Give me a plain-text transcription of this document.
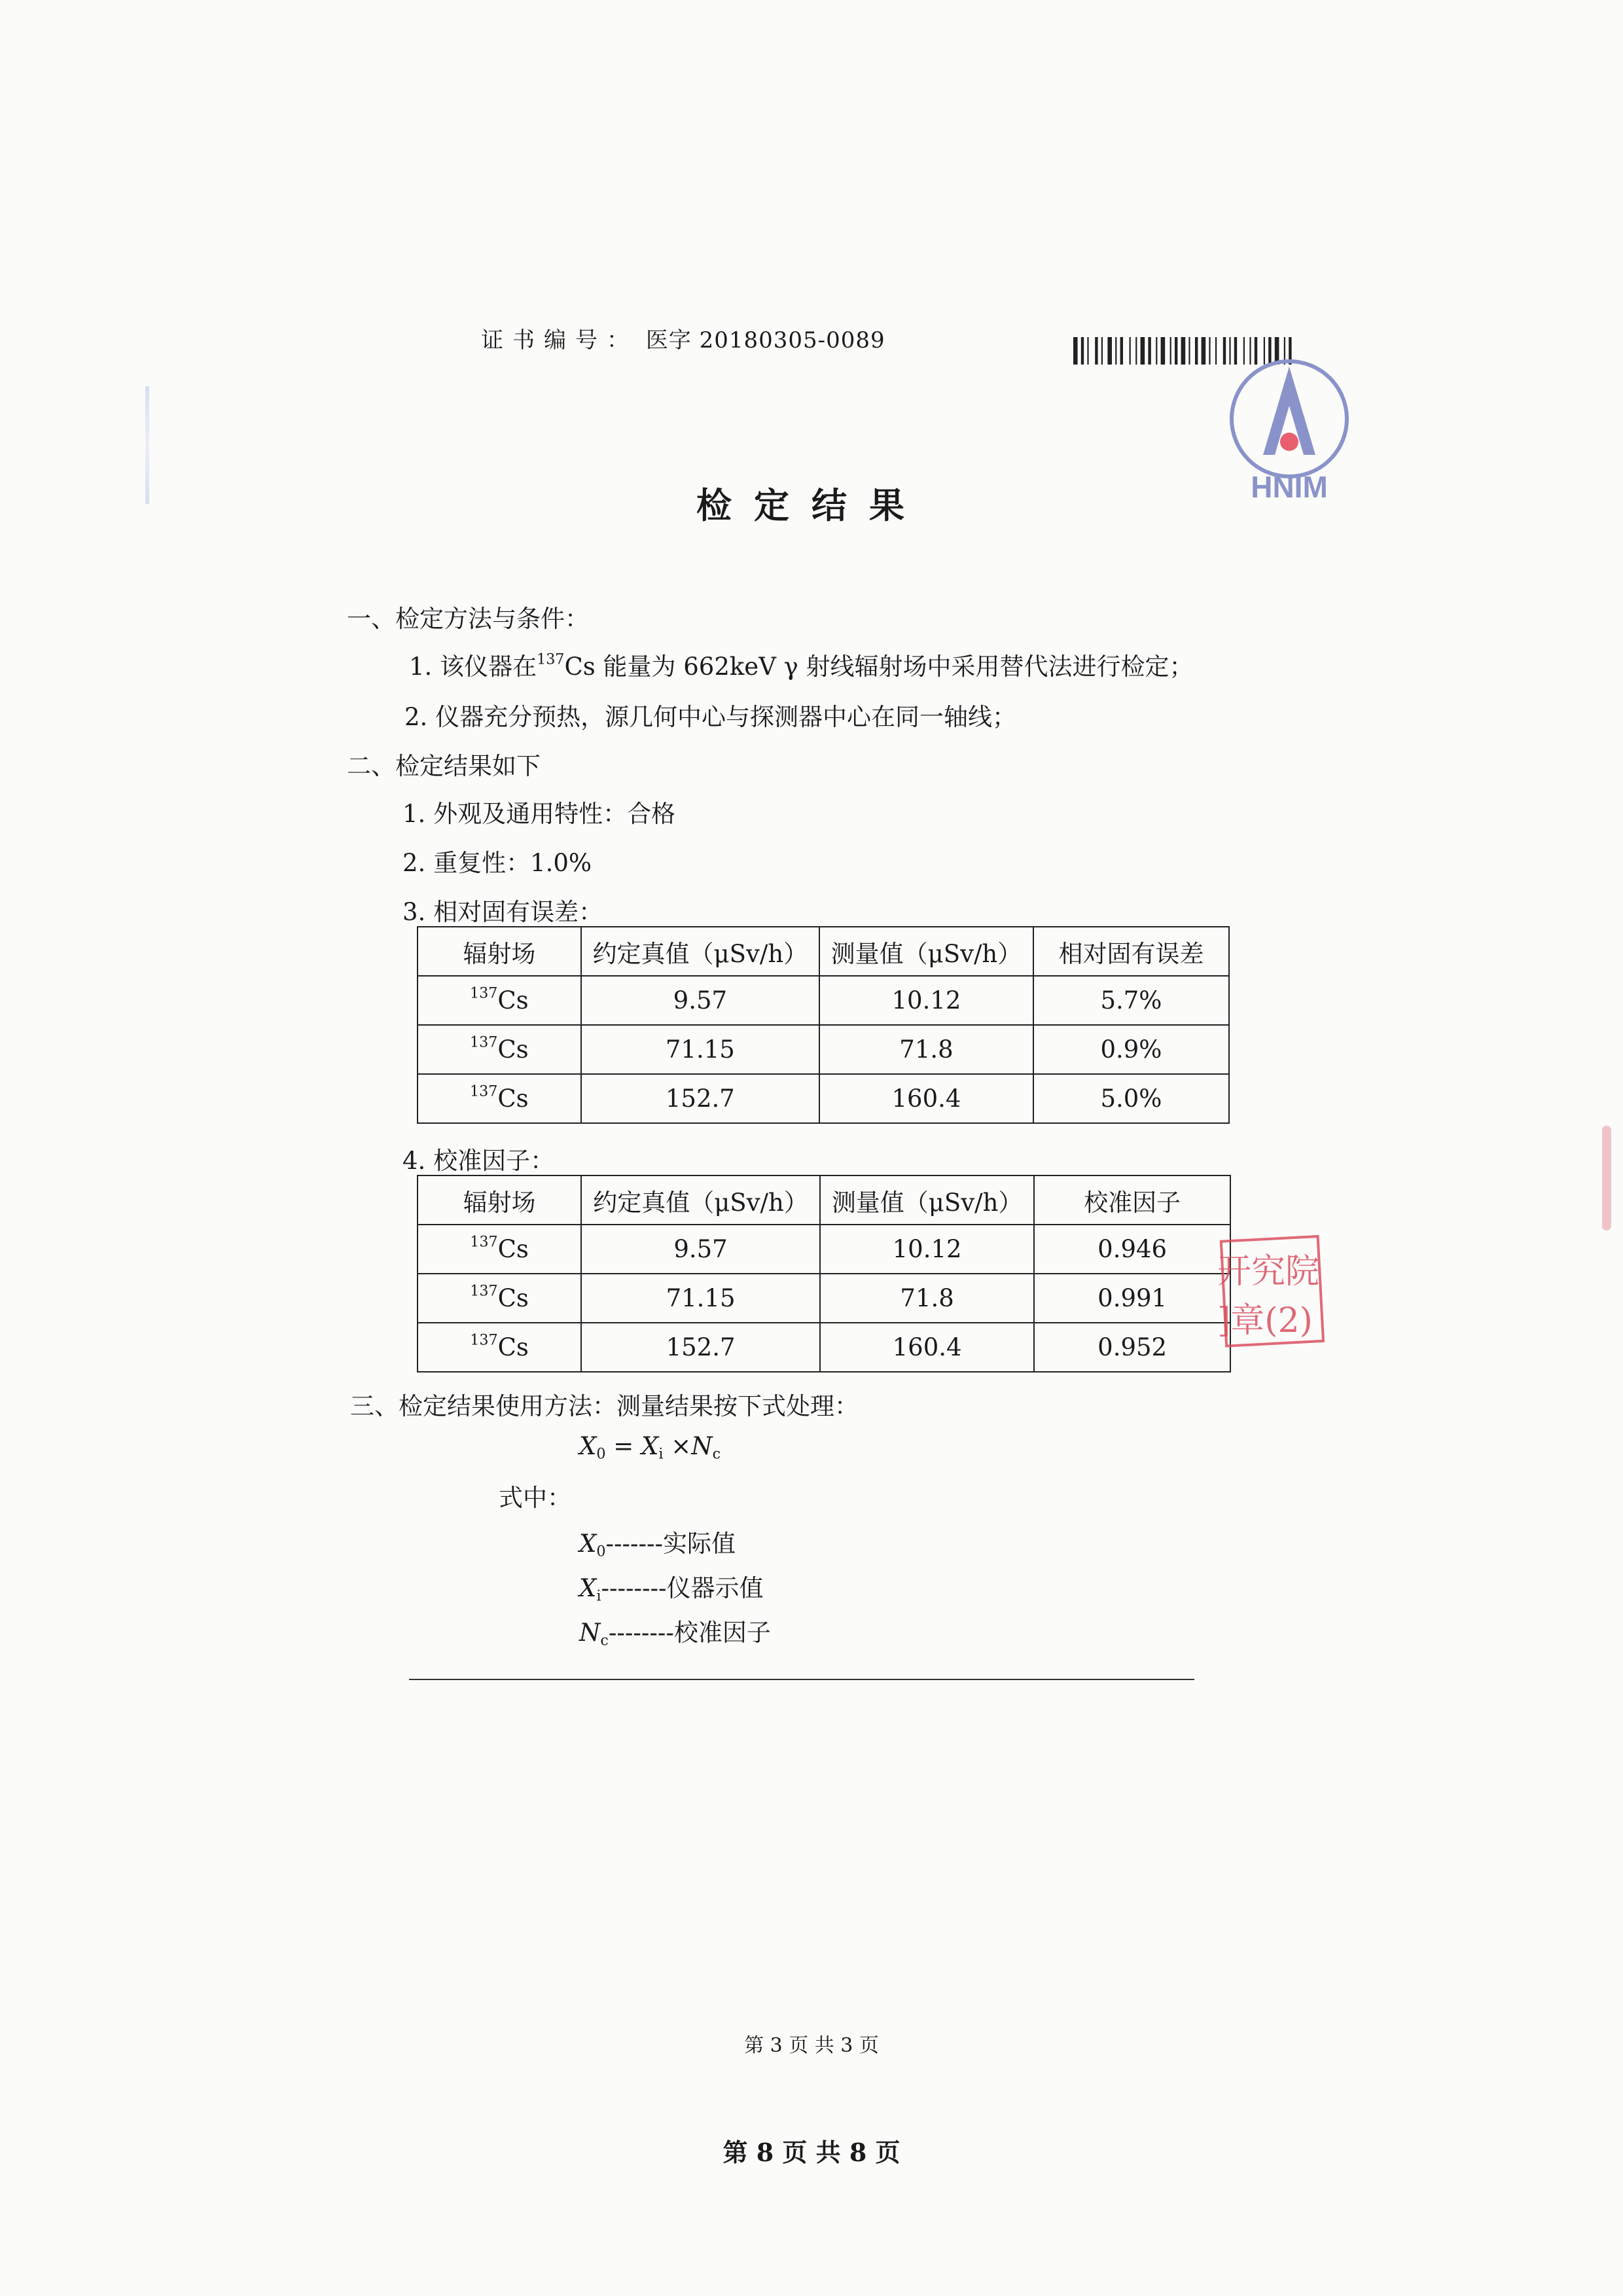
证书编号： 医字 20180305-0089
HNIM
检定结果
一、检定方法与条件：
1. 该仪器在$^{137}$Cs 能量为 662keV γ 射线辐射场中采用替代法进行检定；
2. 仪器充分预热，源几何中心与探测器中心在同一轴线；
二、检定结果如下
1. 外观及通用特性：合格
2. 重复性：1.0%
3. 相对固有误差：
辐射场	约定真值（μSv/h）	测量值（μSv/h）	相对固有误差
$^{137}$Cs	9.57	10.12	5.7%
$^{137}$Cs	71.15	71.8	0.9%
$^{137}$Cs	152.7	160.4	5.0%
4. 校准因子：
辐射场	约定真值（μSv/h）	测量值（μSv/h）	校准因子
$^{137}$Cs	9.57	10.12	0.946
$^{137}$Cs	71.15	71.8	0.991
$^{137}$Cs	152.7	160.4	0.952
开究院
]章(2)
三、检定结果使用方法：测量结果按下式处理：
$X_0 = X_i \times N_c$
式中：
$X_0-------$实际值
$X_i--------$仪器示值
$N_c--------$校准因子
第 3 页 共 3 页
第 8 页 共 8 页
